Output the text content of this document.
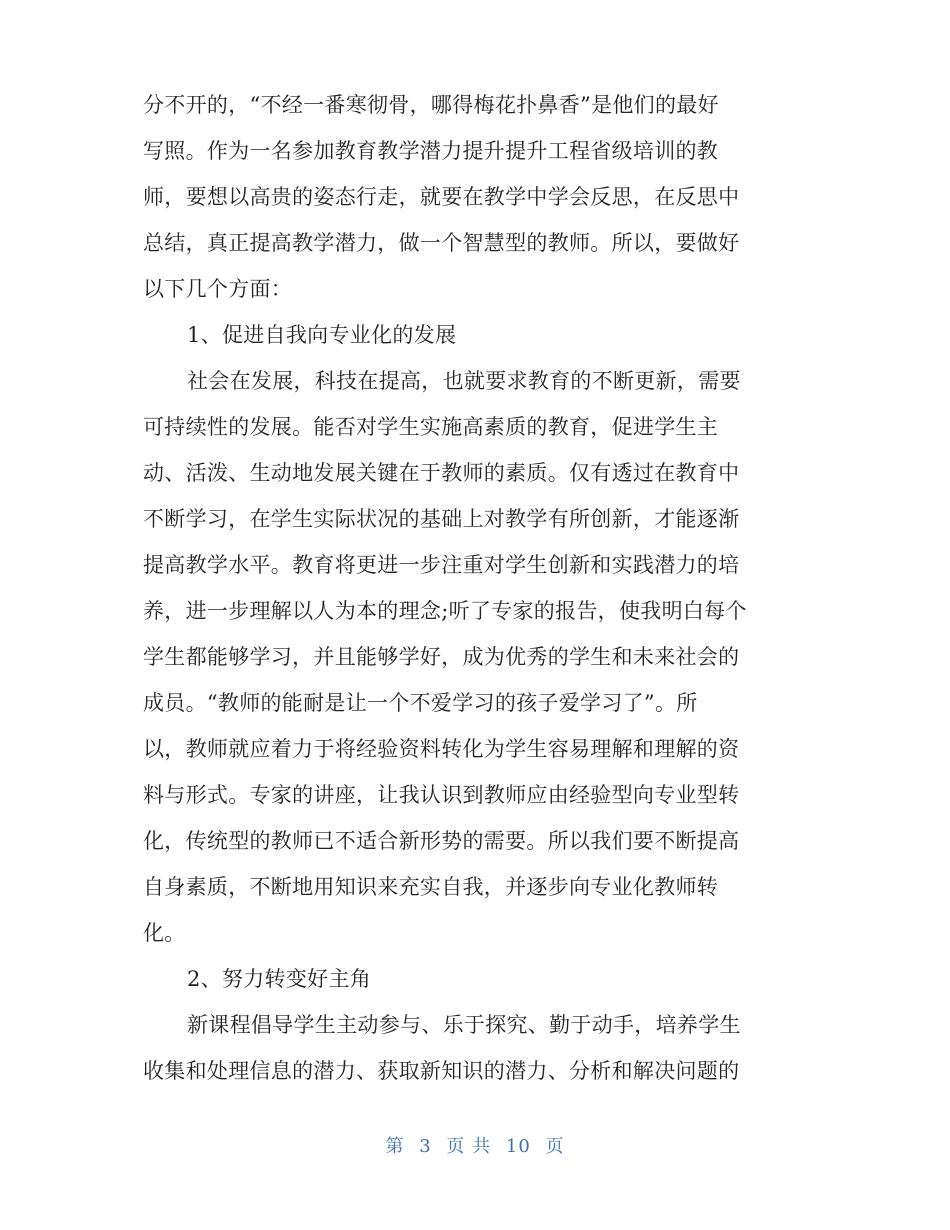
分不开的，“不经一番寒彻骨，哪得梅花扑鼻香”是他们的最好
写照。作为一名参加教育教学潜力提升提升工程省级培训的教
师，要想以高贵的姿态行走，就要在教学中学会反思，在反思中
总结，真正提高教学潜力，做一个智慧型的教师。所以，要做好
以下几个方面：
1、促进自我向专业化的发展
社会在发展，科技在提高，也就要求教育的不断更新，需要
可持续性的发展。能否对学生实施高素质的教育，促进学生主
动、活泼、生动地发展关键在于教师的素质。仅有透过在教育中
不断学习，在学生实际状况的基础上对教学有所创新，才能逐渐
提高教学水平。教育将更进一步注重对学生创新和实践潜力的培
养，进一步理解以人为本的理念;听了专家的报告，使我明白每个
学生都能够学习，并且能够学好，成为优秀的学生和未来社会的
成员。“教师的能耐是让一个不爱学习的孩子爱学习了”。所
以，教师就应着力于将经验资料转化为学生容易理解和理解的资
料与形式。专家的讲座，让我认识到教师应由经验型向专业型转
化，传统型的教师已不适合新形势的需要。所以我们要不断提高
自身素质，不断地用知识来充实自我，并逐步向专业化教师转
化。
2、努力转变好主角
新课程倡导学生主动参与、乐于探究、勤于动手，培养学生
收集和处理信息的潜力、获取新知识的潜力、分析和解决问题的
第 3 页 共 10 页
